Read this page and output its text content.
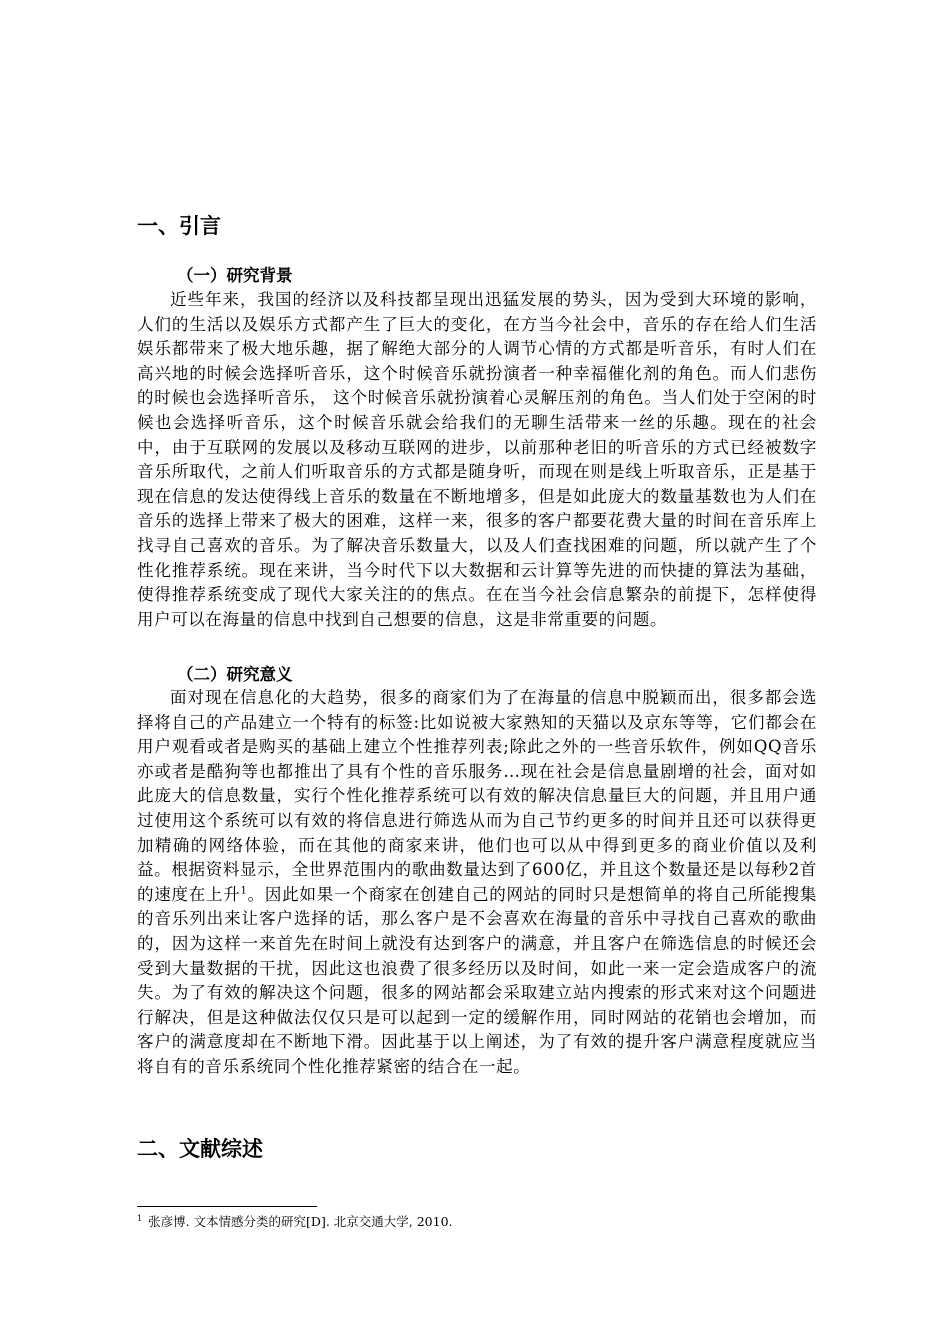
一、引言
（一）研究背景

近些年来，我国的经济以及科技都呈现出迅猛发展的势头，因为受到大环境的影响，人们的生活以及娱乐方式都产生了巨大的变化，在方当今社会中，音乐的存在给人们生活娱乐都带来了极大地乐趣，据了解绝大部分的人调节心情的方式都是听音乐，有时人们在高兴地的时候会选择听音乐，这个时候音乐就扮演者一种幸福催化剂的角色。而人们悲伤的时候也会选择听音乐， 这个时候音乐就扮演着心灵解压剂的角色。当人们处于空闲的时候也会选择听音乐，这个时候音乐就会给我们的无聊生活带来一丝的乐趣。现在的社会中，由于互联网的发展以及移动互联网的进步，以前那种老旧的听音乐的方式已经被数字音乐所取代，之前人们听取音乐的方式都是随身听，而现在则是线上听取音乐，正是基于现在信息的发达使得线上音乐的数量在不断地增多，但是如此庞大的数量基数也为人们在音乐的选择上带来了极大的困难，这样一来，很多的客户都要花费大量的时间在音乐库上找寻自己喜欢的音乐。为了解决音乐数量大，以及人们查找困难的问题，所以就产生了个性化推荐系统。现在来讲，当今时代下以大数据和云计算等先进的而快捷的算法为基础，使得推荐系统变成了现代大家关注的的焦点。在在当今社会信息繁杂的前提下，怎样使得用户可以在海量的信息中找到自己想要的信息，这是非常重要的问题。

（二）研究意义

面对现在信息化的大趋势，很多的商家们为了在海量的信息中脱颖而出，很多都会选择将自己的产品建立一个特有的标签:比如说被大家熟知的天猫以及京东等等，它们都会在用户观看或者是购买的基础上建立个性推荐列表;除此之外的一些音乐软件，例如QQ音乐亦或者是酷狗等也都推出了具有个性的音乐服务…现在社会是信息量剧增的社会，面对如此庞大的信息数量，实行个性化推荐系统可以有效的解决信息量巨大的问题，并且用户通过使用这个系统可以有效的将信息进行筛选从而为自己节约更多的时间并且还可以获得更加精确的网络体验，而在其他的商家来讲，他们也可以从中得到更多的商业价值以及利益。根据资料显示，全世界范围内的歌曲数量达到了600亿，并且这个数量还是以每秒2首的速度在上升$^1$。因此如果一个商家在创建自己的网站的同时只是想简单的将自己所能搜集的音乐列出来让客户选择的话，那么客户是不会喜欢在海量的音乐中寻找自己喜欢的歌曲的，因为这样一来首先在时间上就没有达到客户的满意，并且客户在筛选信息的时候还会受到大量数据的干扰，因此这也浪费了很多经历以及时间，如此一来一定会造成客户的流失。为了有效的解决这个问题，很多的网站都会采取建立站内搜索的形式来对这个问题进行解决，但是这种做法仅仅只是可以起到一定的缓解作用，同时网站的花销也会增加，而客户的满意度却在不断地下滑。因此基于以上阐述，为了有效的提升客户满意程度就应当将自有的音乐系统同个性化推荐紧密的结合在一起。

二、文献综述

$^1$ 张彦博. 文本情感分类的研究[D]. 北京交通大学, 2010.
